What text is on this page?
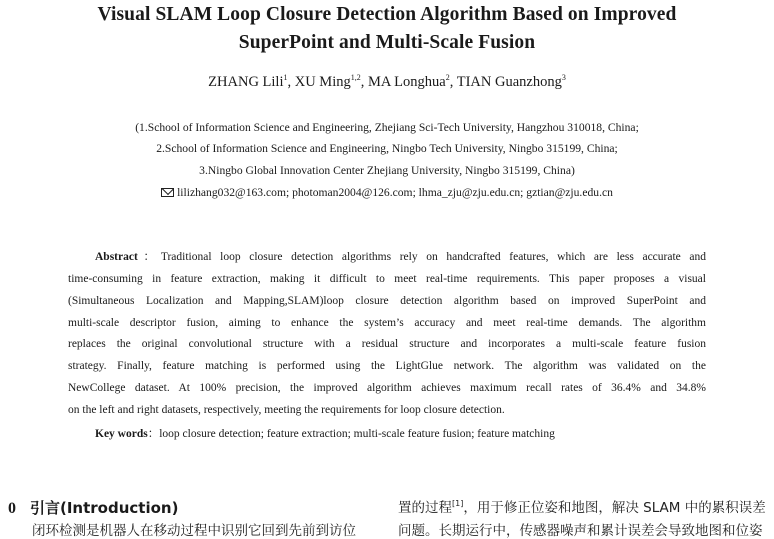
Visual SLAM Loop Closure Detection Algorithm Based on Improved
SuperPoint and Multi-Scale Fusion
ZHANG Lili$^1$, XU Ming$^{1,2}$, MA Longhua$^2$, TIAN Guanzhong$^3$
(1.School of Information Science and Engineering, Zhejiang Sci-Tech University, Hangzhou 310018, China;
2.School of Information Science and Engineering, Ningbo Tech University, Ningbo 315199, China;
3.Ningbo Global Innovation Center Zhejiang University, Ningbo 315199, China)
lilizhang032@163.com; photoman2004@126.com; lhma_zju@zju.edu.cn; gztian@zju.edu.cn
Abstract：Traditional loop closure detection algorithms rely on handcrafted features, which are less accurate and
time-consuming in feature extraction, making it difficult to meet real-time requirements. This paper proposes a visual
(Simultaneous Localization and Mapping,SLAM)loop closure detection algorithm based on improved SuperPoint and
multi-scale descriptor fusion, aiming to enhance the system’s accuracy and meet real-time demands. The algorithm
replaces the original convolutional structure with a residual structure and incorporates a multi-scale feature fusion
strategy. Finally, feature matching is performed using the LightGlue network. The algorithm was validated on the
NewCollege dataset. At 100% precision, the improved algorithm achieves maximum recall rates of 36.4% and 34.8%
on the left and right datasets, respectively, meeting the requirements for loop closure detection.
Key words：loop closure detection; feature extraction; multi-scale feature fusion; feature matching
0 引言(Introduction)
闭环检测是机器人在移动过程中识别它回到先前到访位
置的过程[1]，用于修正位姿和地图，解决 SLAM 中的累积误差
问题。长期运行中，传感器噪声和累计误差会导致地图和位姿
